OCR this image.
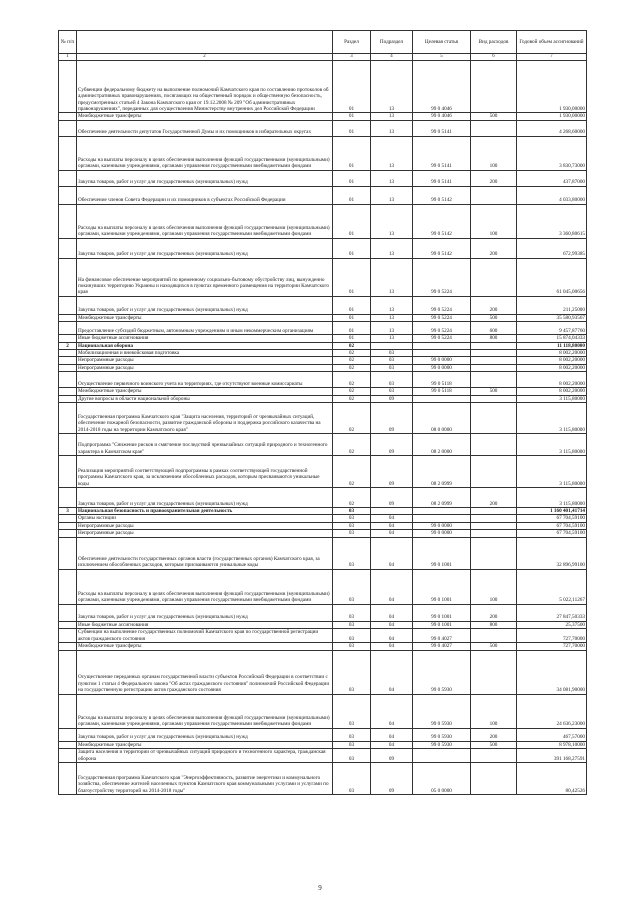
№ п/п		Раздел	Подраздел	Целевая статья	Вид расходов	Годовой объем ассигнований
1	2	3	4	5	6	7
	Субвенции федеральному бюджету на выполнение полномочий Камчатского края по составлению протоколов об административных правонарушениях, посягающих на общественный порядок и общественную безопасность, предусмотренных статьей 4 Закона Камчатского края от 19.12.2008 № 209 "Об административных правонарушениях", переданных для осуществления Министерству внутренних дел Российской Федерации	01	13	99 0 4046		1 930,00000
	Межбюджетные трансферты	01	13	99 0 4046	500	1 930,00000
	Обеспечение деятельности депутатов Государственной Думы и их помощников в избирательных округах	01	13	99 0 5141		4 268,60000
	Расходы на выплаты персоналу в целях обеспечения выполнения функций государственными (муниципальными) органами, казенными учреждениями, органами управления государственными внебюджетными фондами	01	13	99 0 5141	100	3 830,73000
	Закупка товаров, работ и услуг для государственных (муниципальных) нужд	01	13	99 0 5141	200	437,87000
	Обеспечение членов Совета Федерации и их помощников в субъектах Российской Федерации	01	13	99 0 5142		4 033,80000
	Расходы на выплаты персоналу в целях обеспечения выполнения функций государственными (муниципальными) органами, казенными учреждениями, органами управления государственными внебюджетными фондами	01	13	99 0 5142	100	3 360,80615
	Закупка товаров, работ и услуг для государственных (муниципальных) нужд	01	13	99 0 5142	200	672,99385
	На финансовое обеспечение мероприятий по временному социально-бытовому обустройству лиц, вынужденно покинувших территорию Украины и находящихся в пунктах временного размещения на территории Камчатского края	01	13	99 0 5224		61 045,00656
	Закупка товаров, работ и услуг для государственных (муниципальных) нужд	01	13	99 0 5224	200	211,25000
	Межбюджетные трансферты	01	13	99 0 5224	500	35 580,93567
	Предоставление субсидий бюджетным, автономным учреждениям и иным некоммерческим организациям	01	13	99 0 5224	600	9 457,87760
	Иные бюджетные ассигнования	01	13	99 0 5224	800	15 874,04333
2	Национальная оборона	02				11 118,80000
	Мобилизационная и вневойсковая подготовка	02	03			8 002,20000
	Непрограммные расходы	02	03	99 0 0000		8 002,20000
	Непрограммные расходы	02	03	99 0 0000		8 002,20000
	Осуществление первичного воинского учета на территориях, где отсутствуют военные комиссариаты	02	03	99 0 5118		8 002,20000
	Межбюджетные трансферты	02	03	99 0 5118	500	8 002,20000
	Другие вопросы в области национальной обороны	02	09			3 115,80000
	Государственная программа Камчатского края "Защита населения, территорий от чрезвычайных ситуаций, обеспечение пожарной безопасности, развитие гражданской обороны и поддержка российского казачества на 2014-2018 годы на территории Камчатского края"	02	09	08 0 0000		3 115,80000
	Подпрограмма "Снижение рисков и смягчение последствий чрезвычайных ситуаций природного и техногенного характера в Камчатском крае"	02	09	08 2 0000		3 115,80000
	Реализация мероприятий соответствующей подпрограммы в рамках соответствующей государственной программы Камчатского края, за исключением обособленных расходов, которым присваиваются уникальные коды	02	09	08 2 0999		3 115,80000
	Закупка товаров, работ и услуг для государственных (муниципальных) нужд	02	09	08 2 0999	200	3 115,80000
3	Национальная безопасность и правоохранительная деятельность	03				1 160 401,41714
	Органы юстиции	03	04			67 704,59100
	Непрограммные расходы	03	04	99 0 0000		67 704,59100
	Непрограммные расходы	03	04	99 0 0000		67 704,59100
	Обеспечение деятельности государственных органов власти (государственных органов) Камчатского края, за исключением обособленных расходов, которым присваиваются уникальные коды	03	04	99 0 1001		32 896,99100
	Расходы на выплаты персоналу в целях обеспечения выполнения функций государственными (муниципальными) органами, казенными учреждениями, органами управления государственными внебюджетными фондами	03	04	99 0 1001	100	5 022,11267
	Закупка товаров, работ и услуг для государственных (муниципальных) нужд	03	04	99 0 1001	200	27 847,50333
	Иные бюджетные ассигнования	03	04	99 0 1001	800	25,37500
	Субвенции на выполнение государственных полномочий Камчатского края по государственной регистрации актов гражданского состояния	03	04	99 0 4027		727,70000
	Межбюджетные трансферты	03	04	99 0 4027	500	727,70000
	Осуществление переданных органам государственной власти субъектов Российской Федерации в соответствии с пунктом 1 статьи 4 Федерального закона "Об актах гражданского состояния" полномочий Российской Федерации на государственную регистрацию актов гражданского состояния	03	04	99 0 5930		34 081,90000
	Расходы на выплаты персоналу в целях обеспечения выполнения функций государственными (муниципальными) органами, казенными учреждениями, органами управления государственными внебюджетными фондами	03	04	99 0 5930	100	24 636,23000
	Закупка товаров, работ и услуг для государственных (муниципальных) нужд	03	04	99 0 5930	200	467,57000
	Межбюджетные трансферты	03	04	99 0 5930	500	8 978,10000
	Защита населения и территории от чрезвычайных ситуаций природного и техногенного характера, гражданская оборона	03	09			391 168,27591
	Государственная программа Камчатского края "Энергоэффективность, развитие энергетики и коммунального хозяйства, обеспечение жителей населенных пунктов Камчатского края коммунальными услугами и услугами по благоустройству территорий на 2014-2018 годы"	03	09	05 0 0000		80,42526
9
